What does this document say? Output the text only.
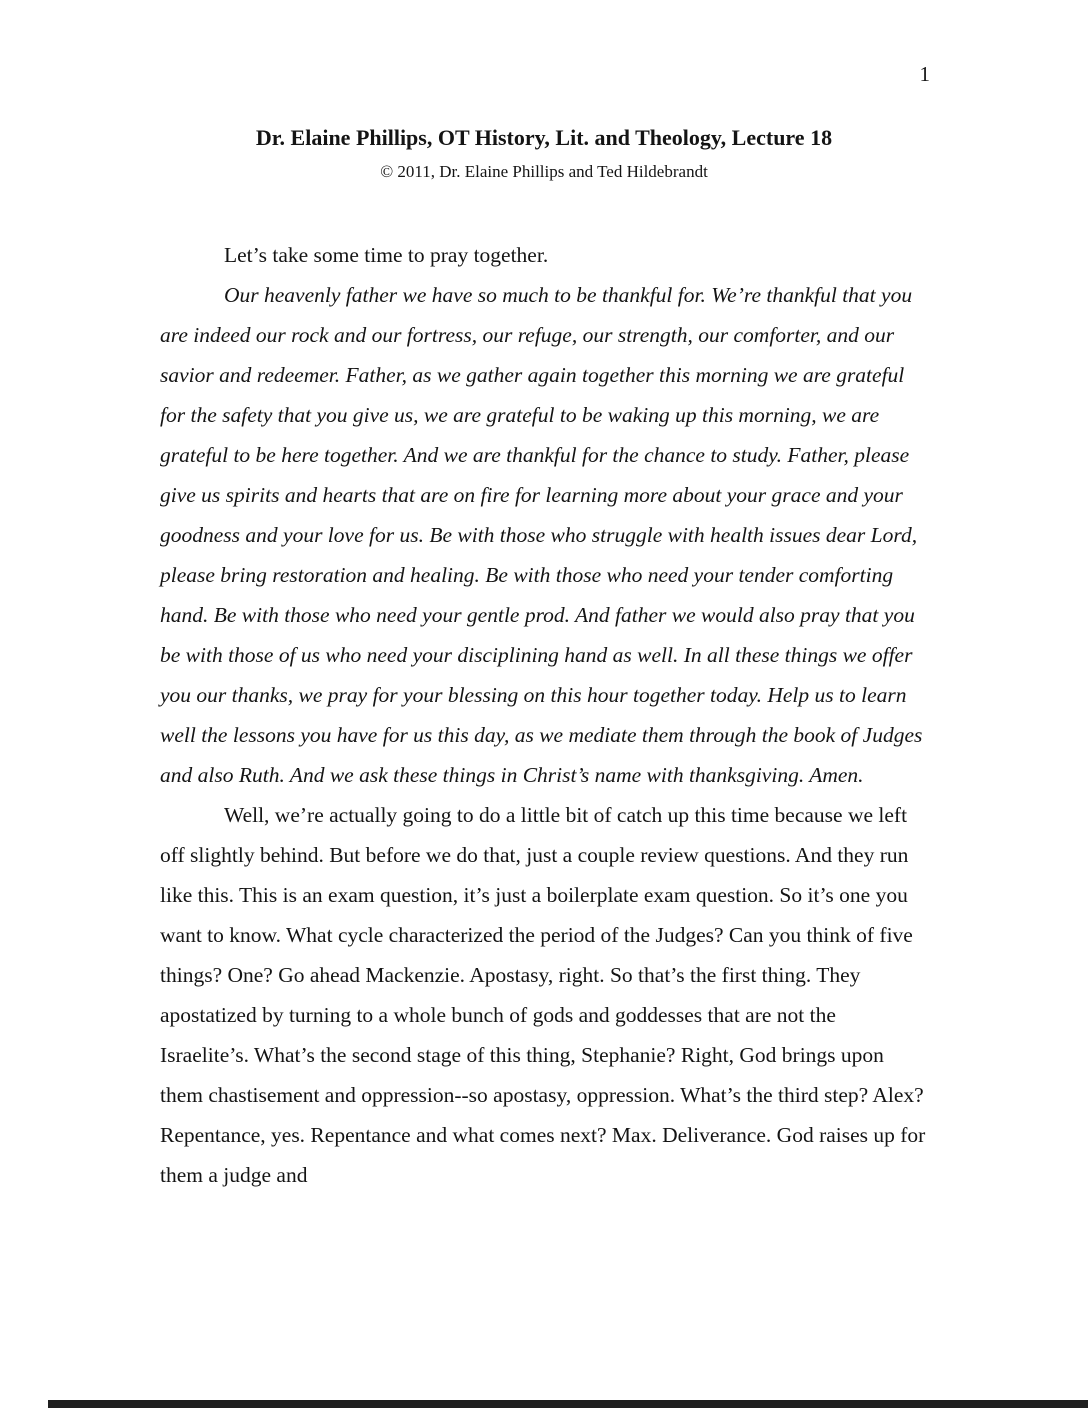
1
Dr. Elaine Phillips, OT History, Lit. and Theology, Lecture 18
© 2011, Dr. Elaine Phillips and Ted Hildebrandt

Let’s take some time to pray together.

Our heavenly father we have so much to be thankful for. We’re thankful that you are indeed our rock and our fortress, our refuge, our strength, our comforter, and our savior and redeemer. Father, as we gather again together this morning we are grateful for the safety that you give us, we are grateful to be waking up this morning, we are grateful to be here together. And we are thankful for the chance to study. Father, please give us spirits and hearts that are on fire for learning more about your grace and your goodness and your love for us. Be with those who struggle with health issues dear Lord, please bring restoration and healing. Be with those who need your tender comforting hand. Be with those who need your gentle prod. And father we would also pray that you be with those of us who need your disciplining hand as well. In all these things we offer you our thanks, we pray for your blessing on this hour together today. Help us to learn well the lessons you have for us this day, as we mediate them through the book of Judges and also Ruth. And we ask these things in Christ’s name with thanksgiving. Amen.

Well, we’re actually going to do a little bit of catch up this time because we left off slightly behind. But before we do that, just a couple review questions. And they run like this. This is an exam question, it’s just a boilerplate exam question. So it’s one you want to know. What cycle characterized the period of the Judges? Can you think of five things? One? Go ahead Mackenzie. Apostasy, right. So that’s the first thing. They apostatized by turning to a whole bunch of gods and goddesses that are not the Israelite’s. What’s the second stage of this thing, Stephanie? Right, God brings upon them chastisement and oppression--so apostasy, oppression. What’s the third step? Alex? Repentance, yes. Repentance and what comes next? Max. Deliverance. God raises up for them a judge and
